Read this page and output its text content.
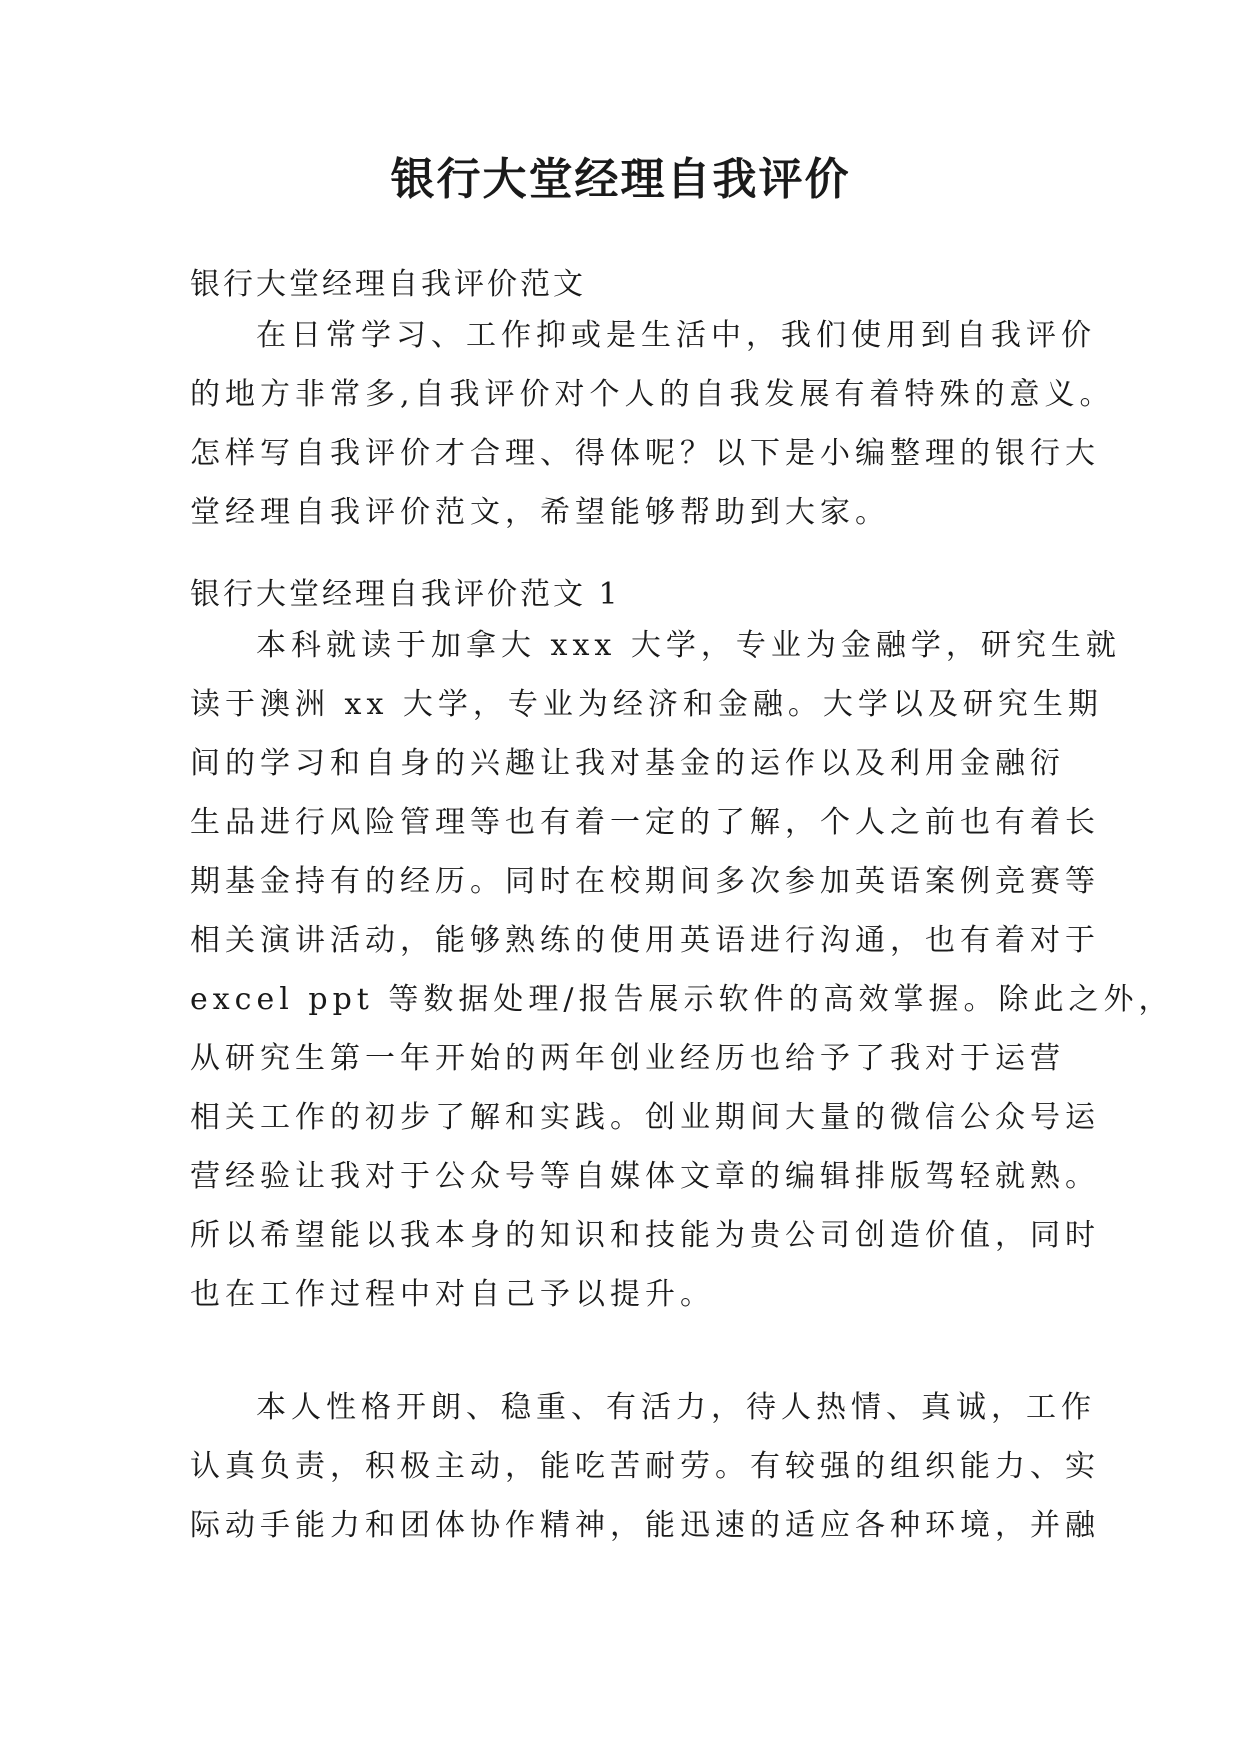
银行大堂经理自我评价

银行大堂经理自我评价范文

在日常学习、工作抑或是生活中，我们使用到自我评价
的地方非常多,自我评价对个人的自我发展有着特殊的意义。
怎样写自我评价才合理、得体呢？以下是小编整理的银行大
堂经理自我评价范文，希望能够帮助到大家。

银行大堂经理自我评价范文 1

本科就读于加拿大 xxx 大学，专业为金融学，研究生就
读于澳洲 xx 大学，专业为经济和金融。大学以及研究生期
间的学习和自身的兴趣让我对基金的运作以及利用金融衍
生品进行风险管理等也有着一定的了解，个人之前也有着长
期基金持有的经历。同时在校期间多次参加英语案例竞赛等
相关演讲活动，能够熟练的使用英语进行沟通，也有着对于
excel ppt 等数据处理/报告展示软件的高效掌握。除此之外，
从研究生第一年开始的两年创业经历也给予了我对于运营
相关工作的初步了解和实践。创业期间大量的微信公众号运
营经验让我对于公众号等自媒体文章的编辑排版驾轻就熟。
所以希望能以我本身的知识和技能为贵公司创造价值，同时
也在工作过程中对自己予以提升。
本人性格开朗、稳重、有活力，待人热情、真诚，工作
认真负责，积极主动，能吃苦耐劳。有较强的组织能力、实
际动手能力和团体协作精神，能迅速的适应各种环境，并融
